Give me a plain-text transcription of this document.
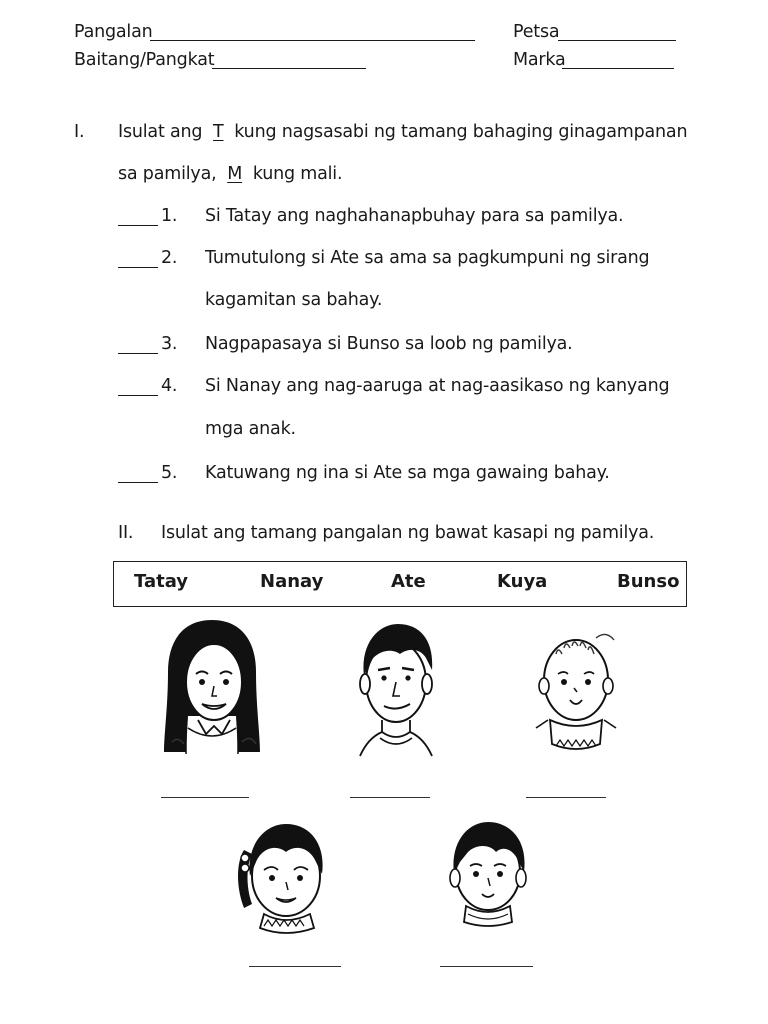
Pangalan	Petsa
Baitang/Pangkat	Marka
I. Isulat ang T kung nagsasabi ng tamang bahaging ginagampanan
sa pamilya, M kung mali.
1. Si Tatay ang naghahanapbuhay para sa pamilya.
2. Tumutulong si Ate sa ama sa pagkumpuni ng sirang
kagamitan sa bahay.
3. Nagpapasaya si Bunso sa loob ng pamilya.
4. Si Nanay ang nag-aaruga at nag-aasikaso ng kanyang
mga anak.
5. Katuwang ng ina si Ate sa mga gawaing bahay.
II. Isulat ang tamang pangalan ng bawat kasapi ng pamilya.
Tatay	Nanay	Ate	Kuya	Bunso
